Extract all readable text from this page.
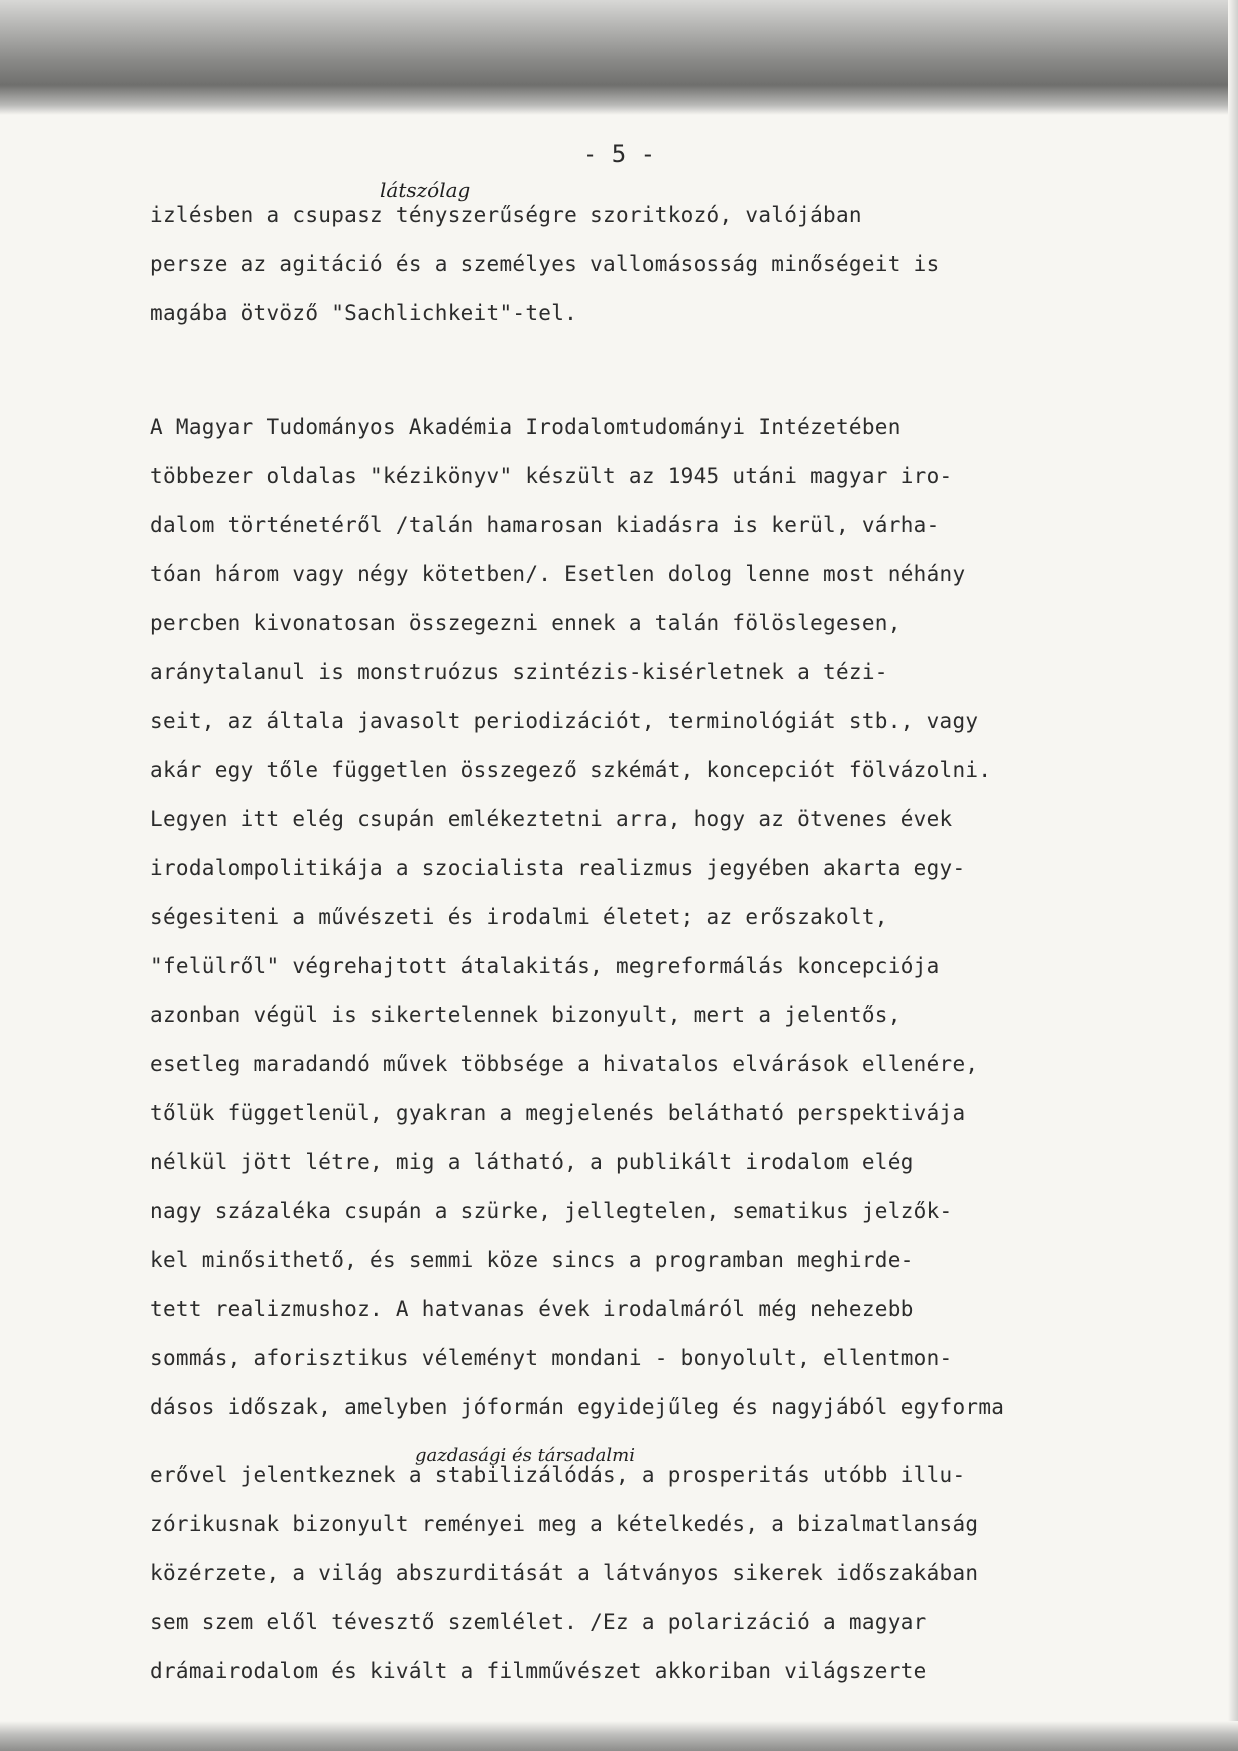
- 5 -
látszólag
gazdasági és társadalmi
izlésben a csupasz tényszerűségre szoritkozó, valójában
persze az agitáció és a személyes vallomásosság minőségeit is
magába ötvöző "Sachlichkeit"-tel.
A Magyar Tudományos Akadémia Irodalomtudományi Intézetében
többezer oldalas "kézikönyv" készült az 1945 utáni magyar iro-
dalom történetéről /talán hamarosan kiadásra is kerül, várha-
tóan három vagy négy kötetben/. Esetlen dolog lenne most néhány
percben kivonatosan összegezni ennek a talán fölöslegesen,
aránytalanul is monstruózus szintézis-kisérletnek a tézi-
seit, az általa javasolt periodizációt, terminológiát stb., vagy
akár egy tőle független összegező szkémát, koncepciót fölvázolni.
Legyen itt elég csupán emlékeztetni arra, hogy az ötvenes évek
irodalompolitikája a szocialista realizmus jegyében akarta egy-
ségesiteni a művészeti és irodalmi életet; az erőszakolt,
"felülről" végrehajtott átalakitás, megreformálás koncepciója
azonban végül is sikertelennek bizonyult, mert a jelentős,
esetleg maradandó művek többsége a hivatalos elvárások ellenére,
tőlük függetlenül, gyakran a megjelenés belátható perspektivája
nélkül jött létre, mig a látható, a publikált irodalom elég
nagy százaléka csupán a szürke, jellegtelen, sematikus jelzők-
kel minősithető, és semmi köze sincs a programban meghirde-
tett realizmushoz. A hatvanas évek irodalmáról még nehezebb
sommás, aforisztikus véleményt mondani - bonyolult, ellentmon-
dásos időszak, amelyben jóformán egyidejűleg és nagyjából egyforma
erővel jelentkeznek a stabilizálódás, a prosperitás utóbb illu-
zórikusnak bizonyult reményei meg a kételkedés, a bizalmatlanság
közérzete, a világ abszurditását a látványos sikerek időszakában
sem szem elől tévesztő szemlélet. /Ez a polarizáció a magyar
drámairodalom és kivált a filmművészet akkoriban világszerte
